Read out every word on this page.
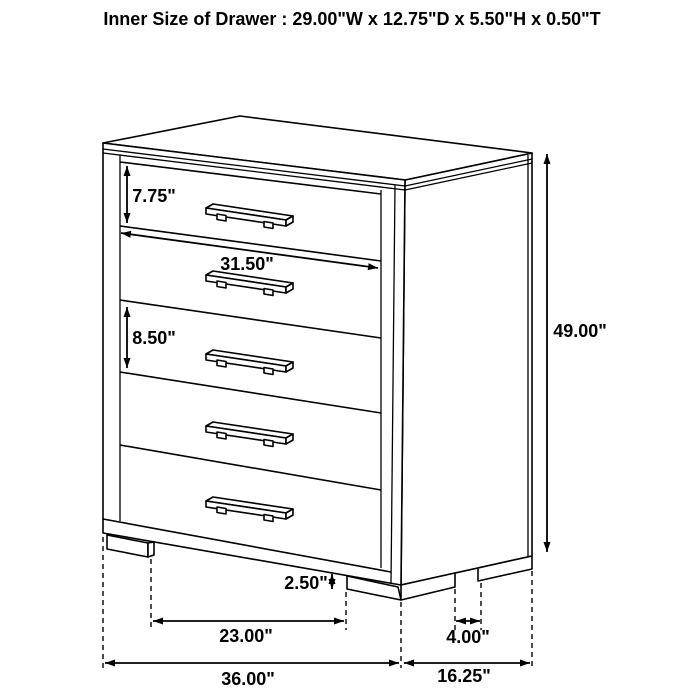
Inner Size of Drawer : 29.00"W x 12.75"D x 5.50"H x 0.50"T
7.75"
31.50"
8.50"	49.00"
2.50"
23.00"	4.00"
36.00"	16.25"
